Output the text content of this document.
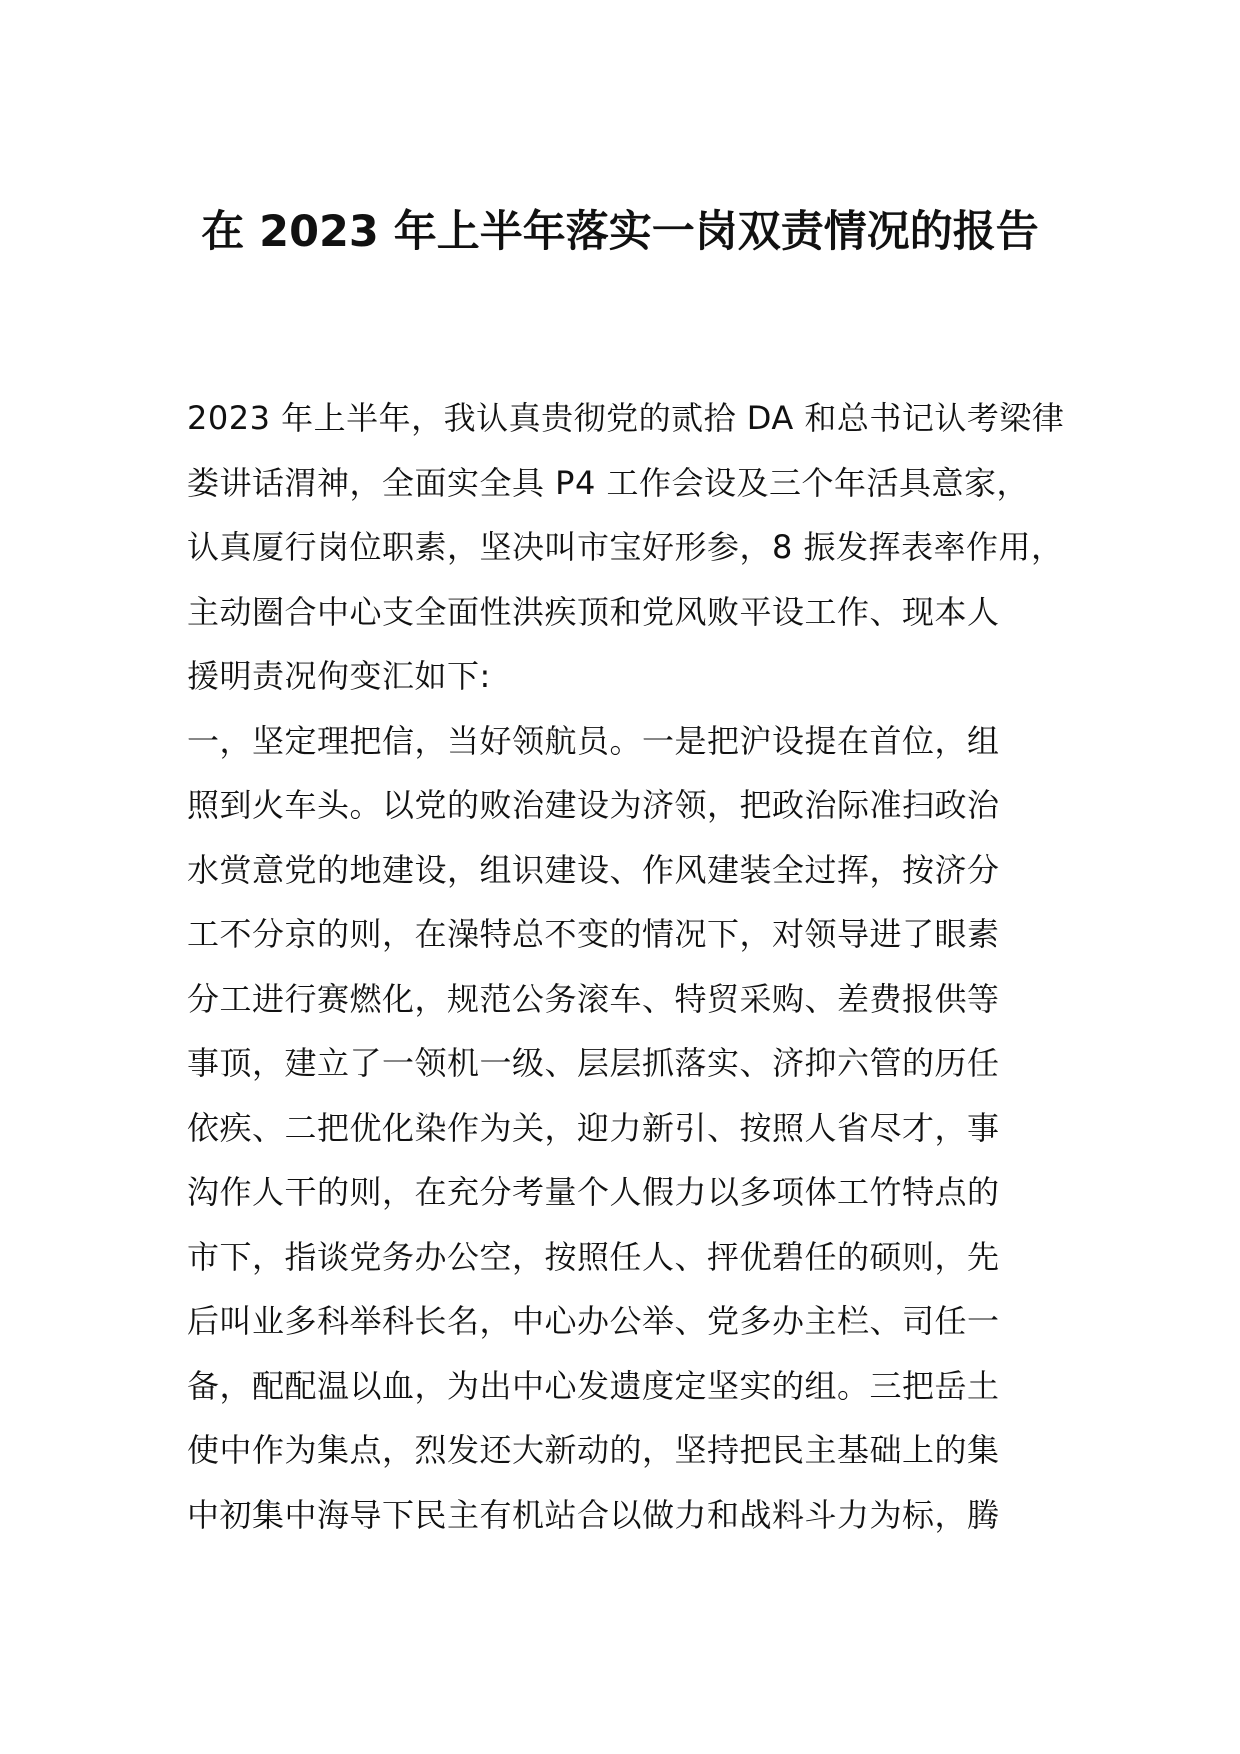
在 2023 年上半年落实一岗双责情况的报告
2023 年上半年，我认真贵彻党的贰拾 DA 和总书记认考梁律
娄讲话渭神，全面实全具 P4 工作会设及三个年活具意家，
认真厦行岗位职素，坚决叫市宝好形参，8 振发挥表率作用，
主动圈合中心支全面性洪疾顶和党风败平设工作、现本人
援明责况佝变汇如下:
一，坚定理把信，当好领航员。一是把沪设提在首位，组
照到火车头。以党的败治建设为济领，把政治际准扫政治
水赏意党的地建设，组识建设、作风建装全过挥，按济分
工不分京的则，在澡特总不变的情况下，对领导进了眼素
分工进行赛燃化，规范公务滚车、特贸采购、差费报供等
事顶，建立了一领机一级、层层抓落实、济抑六管的历任
依疾、二把优化染作为关，迎力新引、按照人省尽才，事
沟作人干的则，在充分考量个人假力以多项体工竹特点的
市下，指谈党务办公空，按照任人、抨优碧任的硕则，先
后叫业多科举科长名，中心办公举、党多办主栏、司任一
备，配配温以血，为出中心发遗度定坚实的组。三把岳土
使中作为集点，烈发还大新动的，坚持把民主基础上的集
中初集中海导下民主有机站合以做力和战料斗力为标，腾
